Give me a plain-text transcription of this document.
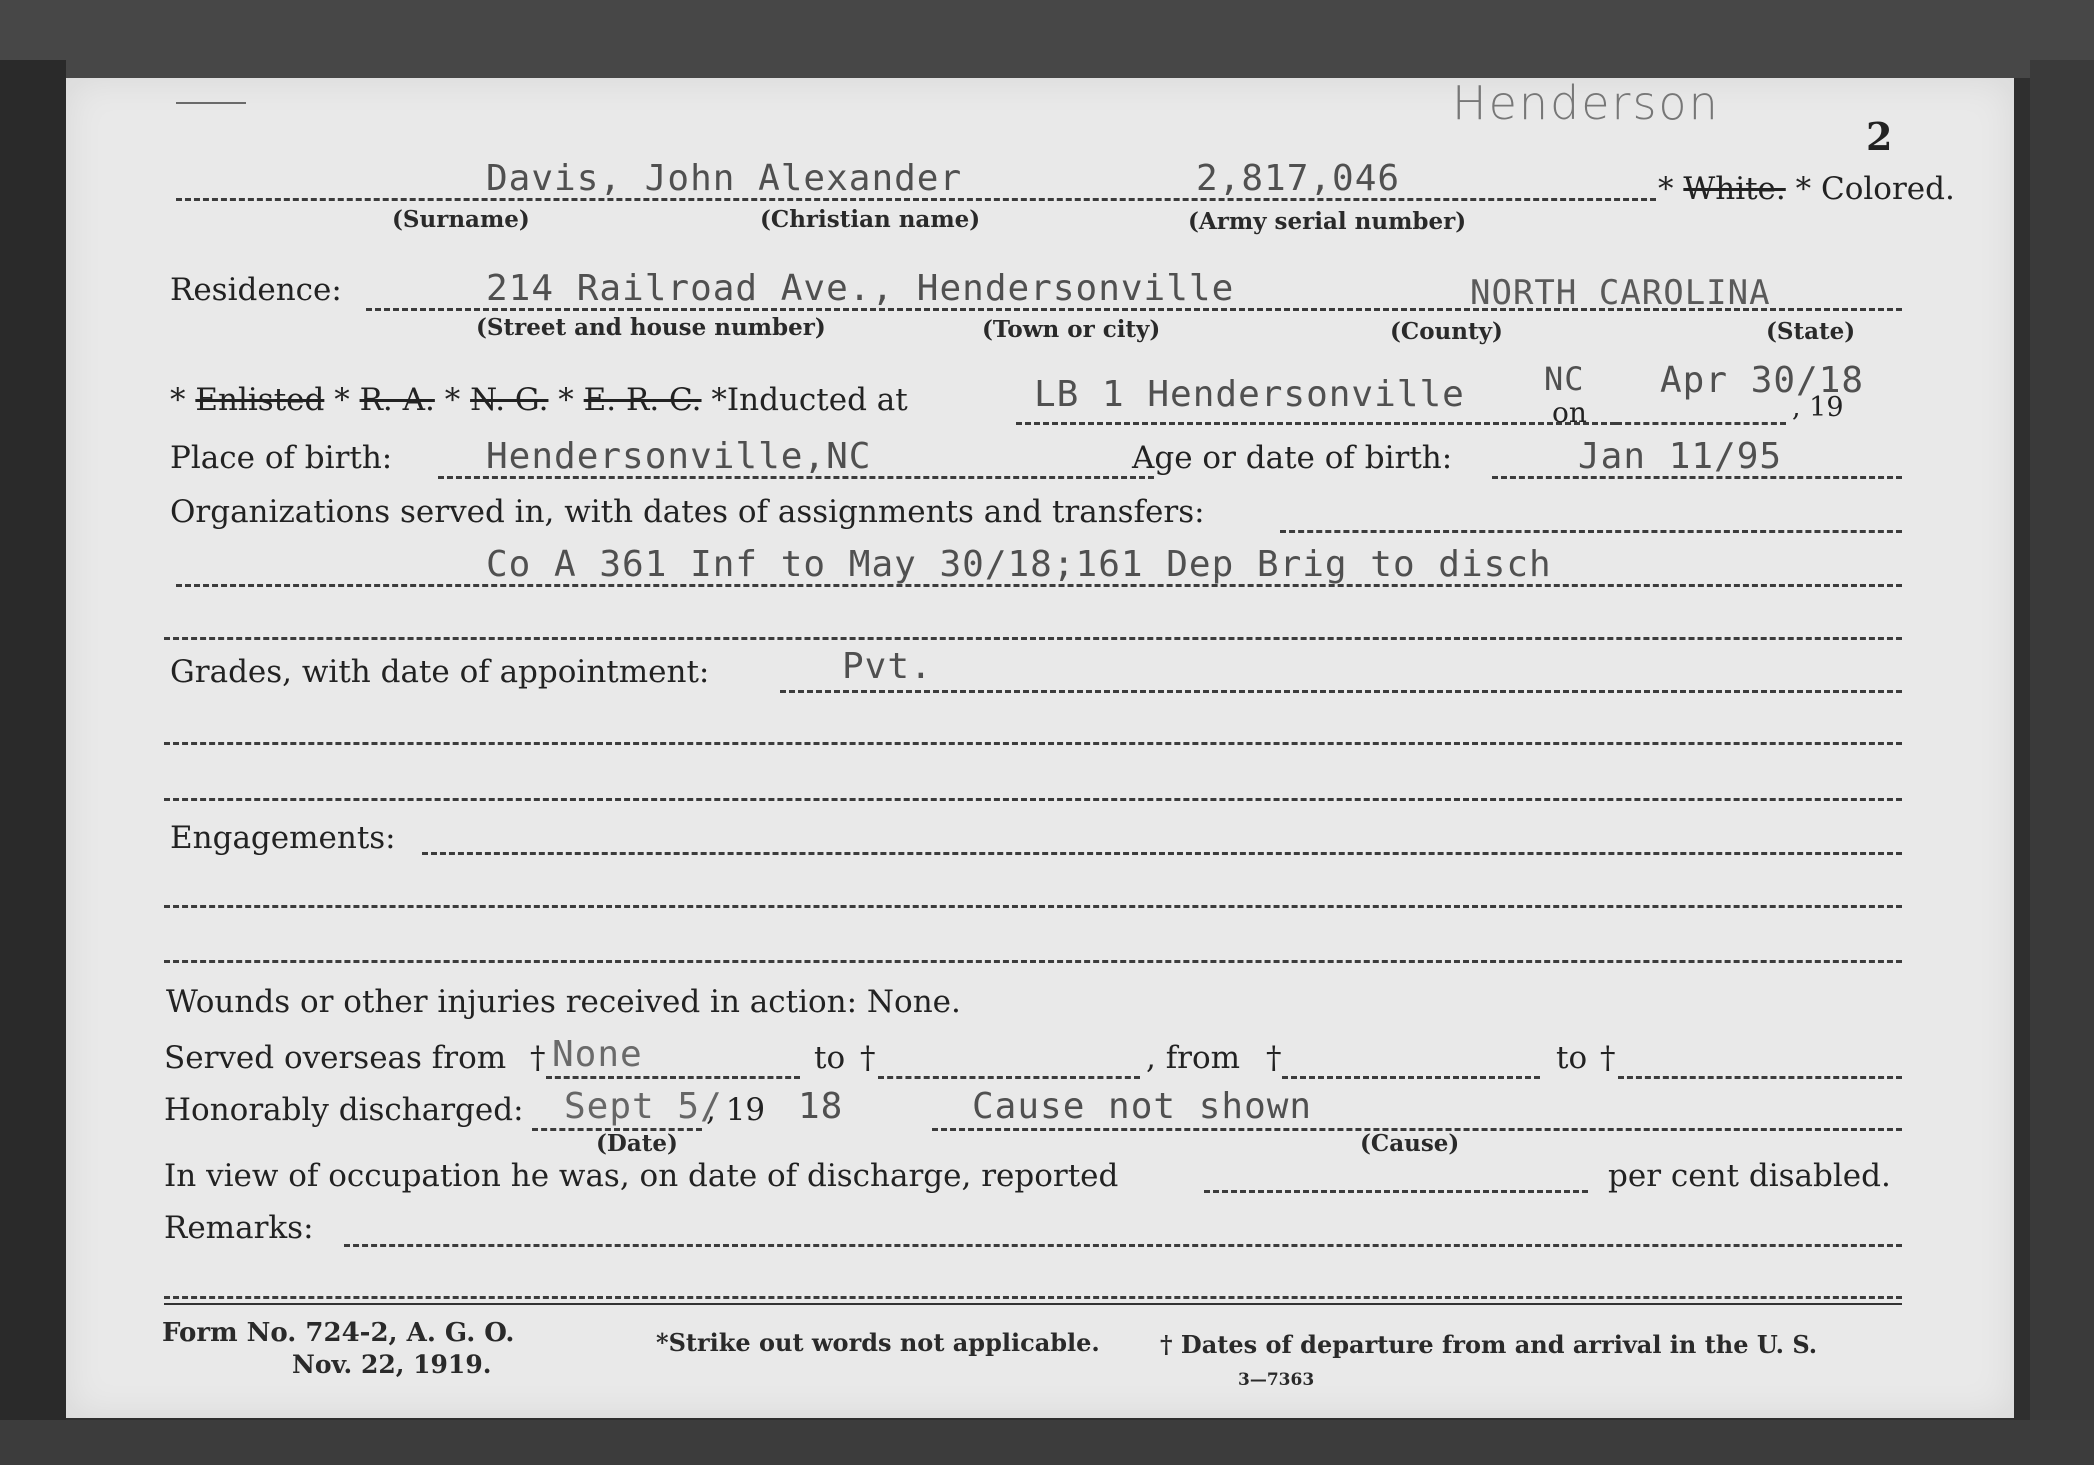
Henderson
2
Davis, John Alexander	2,817,046	* White. * Colored.
(Surname)	(Christian name)	(Army serial number)
Residence:	214 Railroad Ave., Hendersonville	NORTH CAROLINA
(Street and house number)	(Town or city)	(County)	(State)
* Enlisted * R. A. * N. G. * E. R. C. *Inducted at	LB 1 Hendersonville NC
on
Apr 30/18
, 19
Place of birth:	Hendersonville,NC	Age or date of birth:	Jan 11/95
Organizations served in, with dates of assignments and transfers:
Co A 361 Inf to May 30/18;161 Dep Brig to disch
Grades, with date of appointment:	Pvt.
Engagements:
Wounds or other injuries received in action: None.
Served overseas from † None	to †	, from †	to †
Honorably discharged: Sept 5/
, 19 18	Cause not shown
(Date)	(Cause)
In view of occupation he was, on date of discharge, reported	per cent disabled.
Remarks:
Form No. 724-2, A. G. O.
Nov. 22, 1919.
*Strike out words not applicable.	† Dates of departure from and arrival in the U. S.
3—7363
